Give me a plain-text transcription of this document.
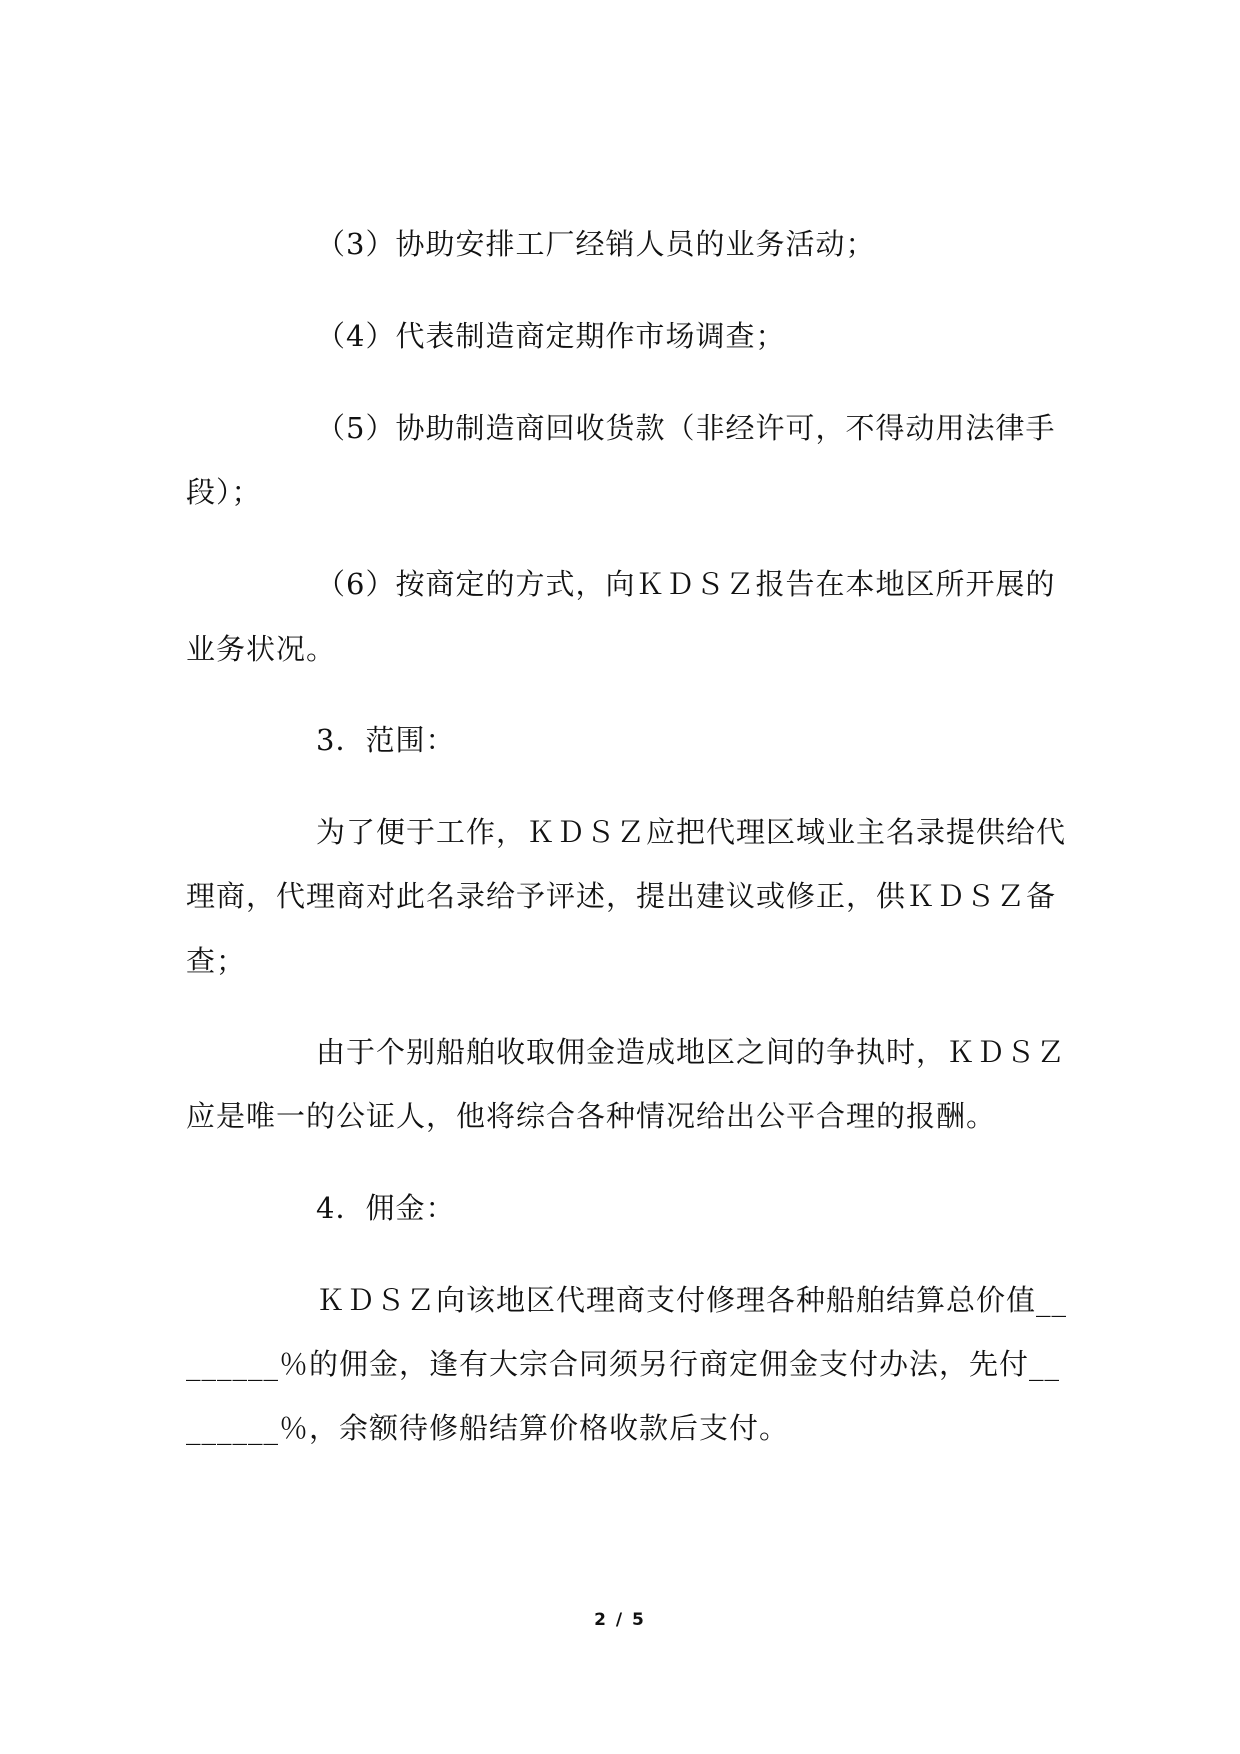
（3）协助安排工厂经销人员的业务活动；
（4）代表制造商定期作市场调查；
（5）协助制造商回收货款（非经许可，不得动用法律手
段）；
（6）按商定的方式，向ＫＤＳＺ报告在本地区所开展的
业务状况。
3．范围：
为了便于工作，ＫＤＳＺ应把代理区域业主名录提供给代
理商，代理商对此名录给予评述，提出建议或修正，供ＫＤＳＺ备
查；
由于个别船舶收取佣金造成地区之间的争执时，ＫＤＳＺ
应是唯一的公证人，他将综合各种情况给出公平合理的报酬。
4．佣金：
ＫＤＳＺ向该地区代理商支付修理各种船舶结算总价值__
______％的佣金，逢有大宗合同须另行商定佣金支付办法，先付__
______％，余额待修船结算价格收款后支付。
2 / 5
